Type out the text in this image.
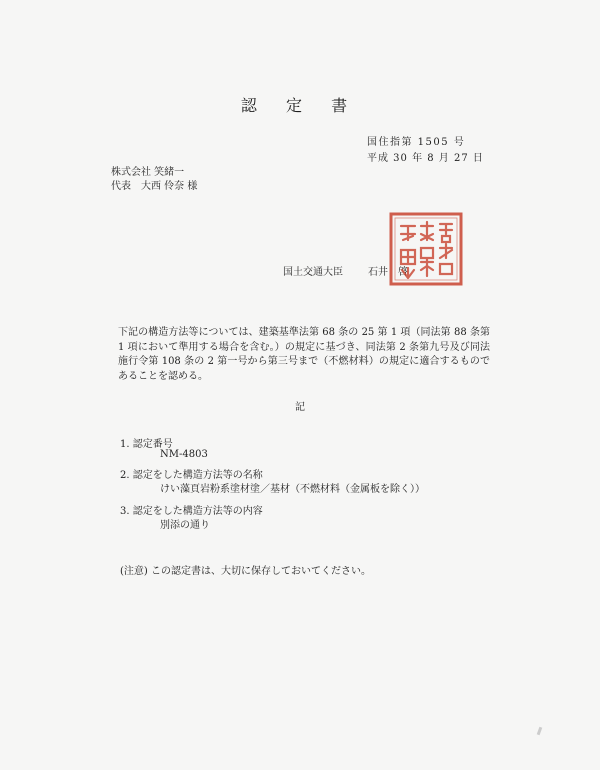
認 定 書
国住指第 1505 号
平成 30 年 8 月 27 日
株式会社 笑緒一
代表　大西 伶奈 様
国土交通大臣	石井　啓
下記の構造方法等については、建築基準法第 68 条の 25 第 1 項（同法第 88 条第 1 項において準用する場合を含む。）の規定に基づき、同法第 2 条第九号及び同法施行令第 108 条の 2 第一号から第三号まで（不燃材料）の規定に適合するものであることを認める。
記
1. 認定番号
NM-4803
2. 認定をした構造方法等の名称
けい藻頁岩粉系塗材塗／基材（不燃材料（金属板を除く））
3. 認定をした構造方法等の内容
別添の通り
(注意) この認定書は、大切に保存しておいてください。
